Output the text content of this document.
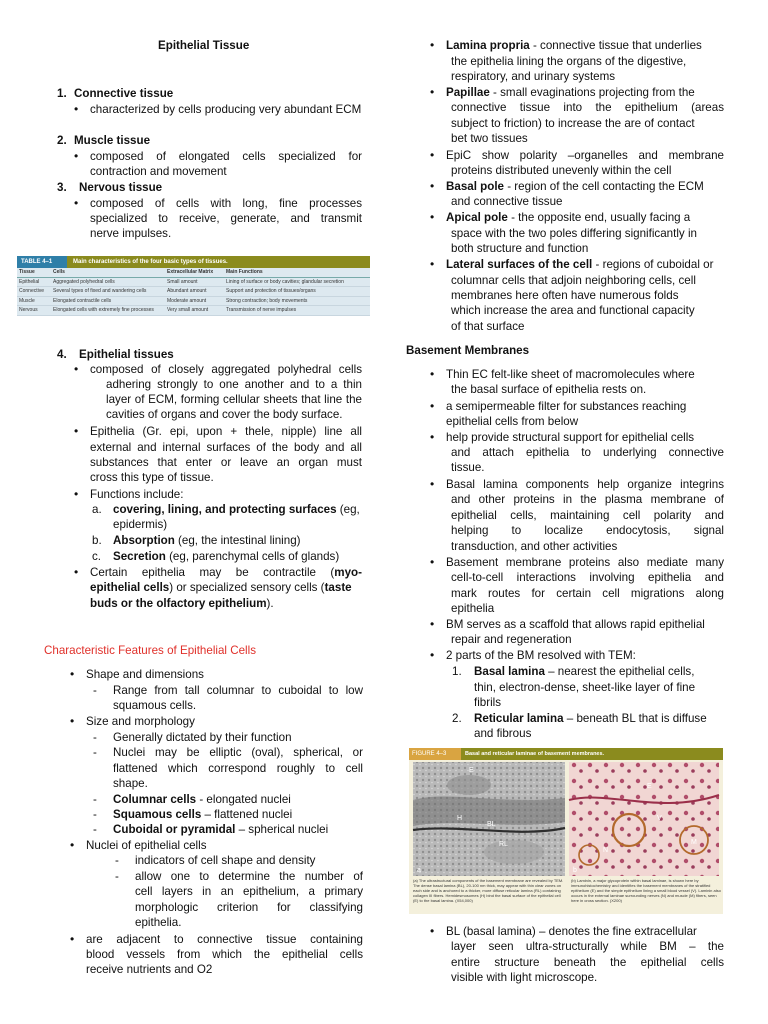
Epithelial Tissue
1. Connective tissue
• characterized by cells producing very abundant ECM
2. Muscle tissue
• composed of elongated cells specialized for
contraction and movement
3. Nervous tissue
• composed of cells with long, fine processes
specialized to receive, generate, and transmit
nerve impulses.
TABLE 4–1	Main characteristics of the four basic types of tissues.
Tissue	Cells	Extracellular Matrix	Main Functions
Epithelial	Aggregated polyhedral cells	Small amount	Lining of surface or body cavities; glandular secretion
Connective	Several types of fixed and wandering cells	Abundant amount	Support and protection of tissues/organs
Muscle	Elongated contractile cells	Moderate amount	Strong contraction; body movements
Nervous	Elongated cells with extremely fine processes	Very small amount	Transmission of nerve impulses
4. Epithelial tissues
• composed of closely aggregated polyhedral cells
adhering strongly to one another and to a thin
layer of ECM, forming cellular sheets that line the
cavities of organs and cover the body surface.
• Epithelia (Gr. epi, upon + thele, nipple) line all
external and internal surfaces of the body and all
substances that enter or leave an organ must
cross this type of tissue.
• Functions include:
a. covering, lining, and protecting surfaces (eg,
epidermis)
b. Absorption (eg, the intestinal lining)
c. Secretion (eg, parenchymal cells of glands)
• Certain epithelia may be contractile (myo-
epithelial cells) or specialized sensory cells (taste
buds or the olfactory epithelium).
Characteristic Features of Epithelial Cells
• Shape and dimensions
- Range from tall columnar to cuboidal to low
squamous cells.
• Size and morphology
- Generally dictated by their function
- Nuclei may be elliptic (oval), spherical, or
flattened which correspond roughly to cell
shape.
- Columnar cells - elongated nuclei
- Squamous cells – flattened nuclei
- Cuboidal or pyramidal – spherical nuclei
• Nuclei of epithelial cells
- indicators of cell shape and density
- allow one to determine the number of
cell layers in an epithelium, a primary
morphologic criterion for classifying
epithelia.
• are adjacent to connective tissue containing
blood vessels from which the epithelial cells
receive nutrients and O2
• Lamina propria - connective tissue that underlies
the epithelia lining the organs of the digestive,
respiratory, and urinary systems
• Papillae - small evaginations projecting from the
connective tissue into the epithelium (areas
subject to friction) to increase the are of contact
bet two tissues
• EpiC show polarity –organelles and membrane
proteins distributed unevenly within the cell
• Basal pole - region of the cell contacting the ECM
and connective tissue
• Apical pole - the opposite end, usually facing a
space with the two poles differing significantly in
both structure and function
• Lateral surfaces of the cell - regions of cuboidal or
columnar cells that adjoin neighboring cells, cell
membranes here often have numerous folds
which increase the area and functional capacity
of that surface
Basement Membranes
• Thin EC felt-like sheet of macromolecules where
the basal surface of epithelia rests on.
• a semipermeable filter for substances reaching
epithelial cells from below
• help provide structural support for epithelial cells
and attach epithelia to underlying connective
tissue.
• Basal lamina components help organize integrins
and other proteins in the plasma membrane of
epithelial cells, maintaining cell polarity and
helping to localize endocytosis, signal
transduction, and other activities
• Basement membrane proteins also mediate many
cell-to-cell interactions involving epithelia and
mark routes for certain cell migrations along
epithelia
• BM serves as a scaffold that allows rapid epithelial
repair and regeneration
• 2 parts of the BM resolved with TEM:
1. Basal lamina – nearest the epithelial cells,
thin, electron-dense, sheet-like layer of fine
fibrils
2. Reticular lamina – beneath BL that is diffuse
and fibrous
FIGURE 4–3	Basal and reticular laminae of basement membranes.
E
H
BL
RL
a
E
V
N
M
b
(a) The ultrastructural components of the basement membrane are revealed by TEM. The dense basal lamina (BL), 20-100 nm thick, may appear with thin clear zones on each side and is anchored to a thicker, more diffuse reticular lamina (RL) containing collagen III fibers. Hemidesmosomes (H) bind the basal surface of the epithelial cell (E) to the basal lamina. (X54,000)
(b) Laminin, a major glycoprotein within basal laminae, is shown here by immunohistochemistry and identifies the basement membranes of the stratified epithelium (E) and the simple epithelium lining a small blood vessel (V). Laminin also occurs in the external laminae surrounding nerves (N) and muscle (M) fibers, seen here in cross section. (X200)
• BL (basal lamina) – denotes the fine extracellular
layer seen ultra-structurally while BM – the
entire structure beneath the epithelial cells
visible with light microscope.
